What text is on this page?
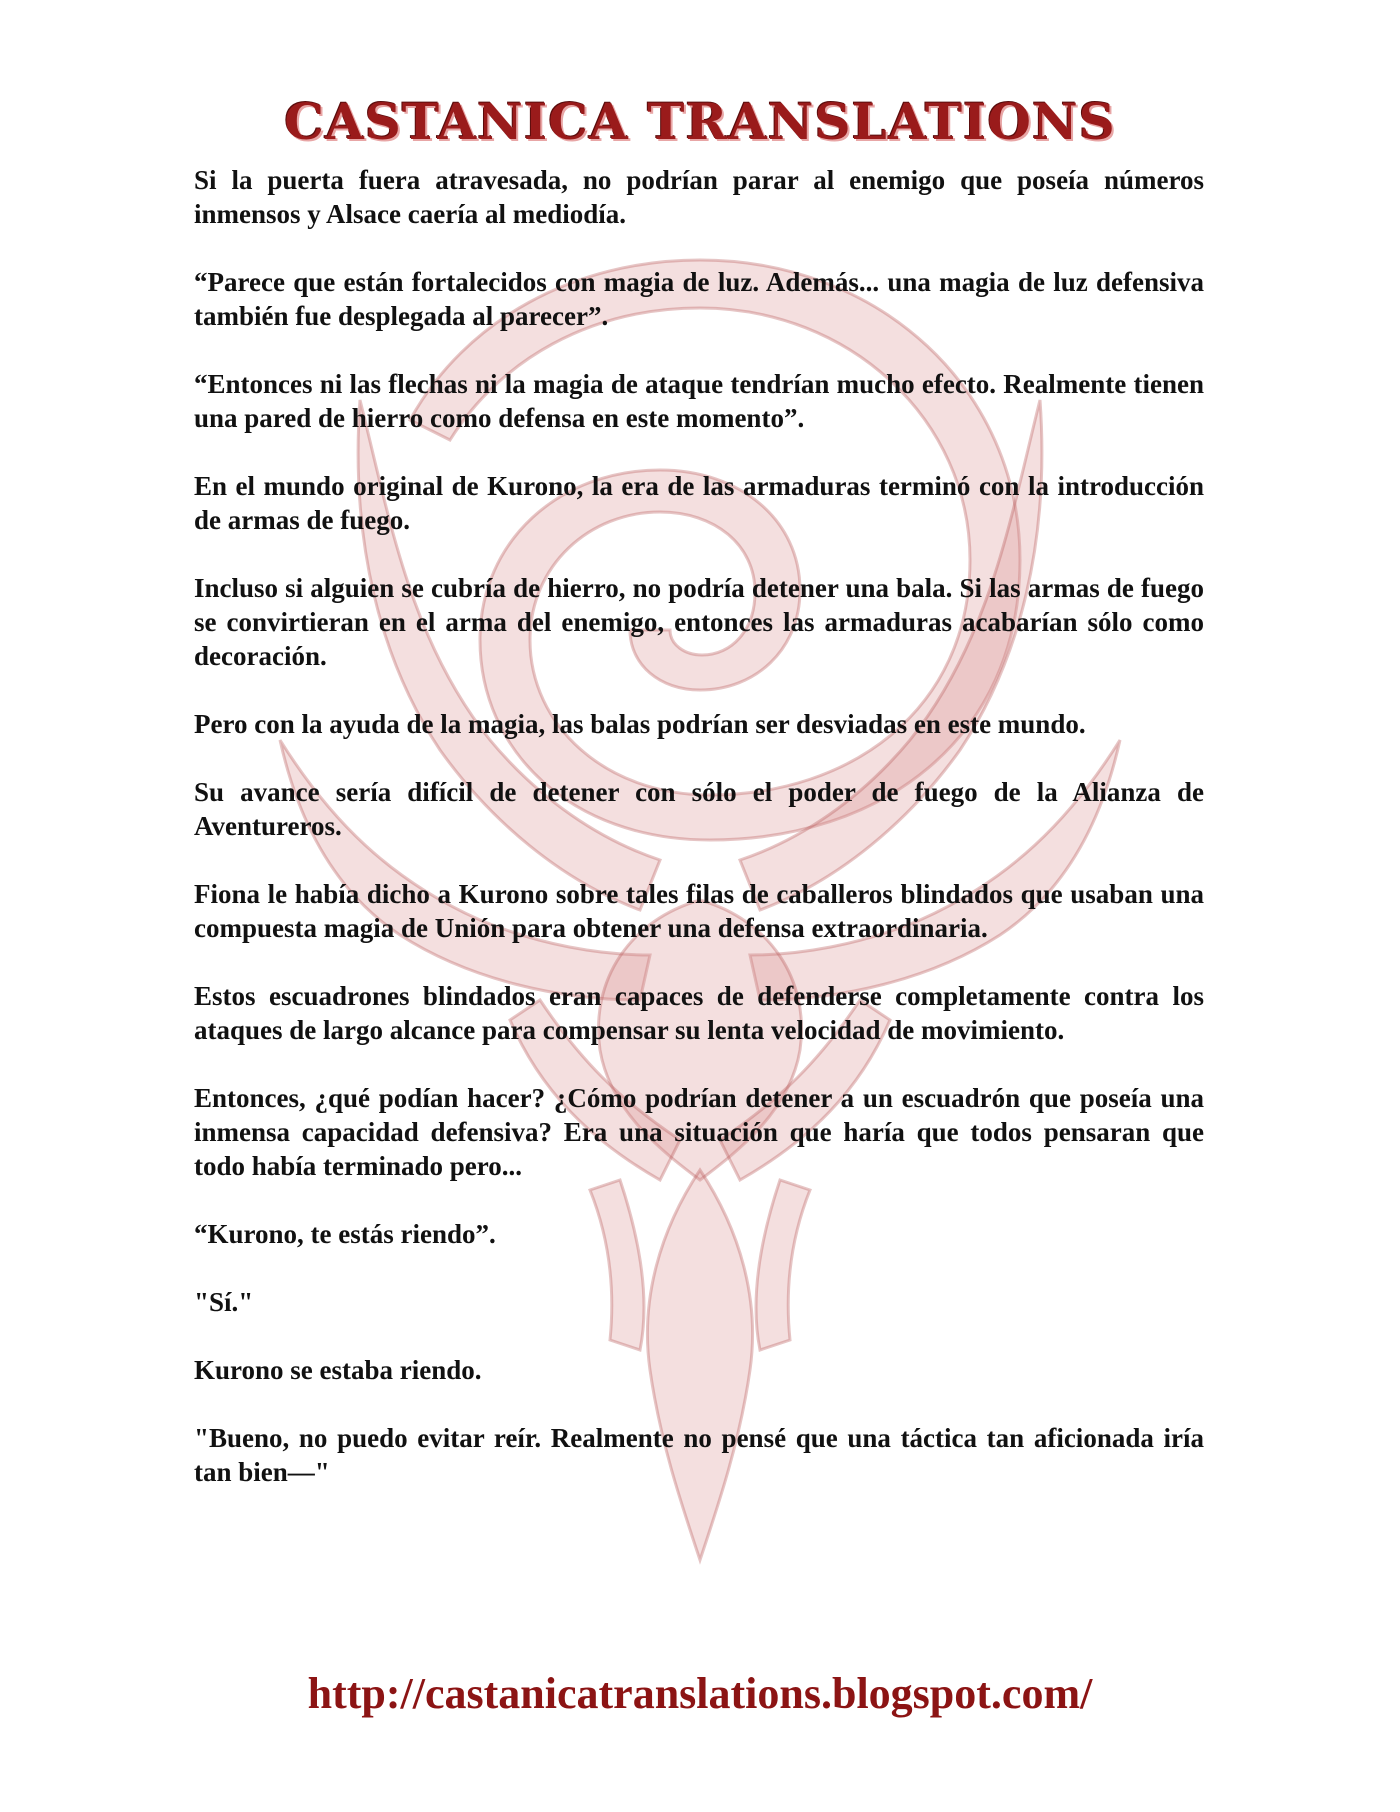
CASTANICA TRANSLATIONS

Si la puerta fuera atravesada, no podrían parar al enemigo que poseía números inmensos y Alsace caería al mediodía.

“Parece que están fortalecidos con magia de luz. Además... una magia de luz defensiva también fue desplegada al parecer”.

“Entonces ni las flechas ni la magia de ataque tendrían mucho efecto. Realmente tienen una pared de hierro como defensa en este momento”.

En el mundo original de Kurono, la era de las armaduras terminó con la introducción de armas de fuego.

Incluso si alguien se cubría de hierro, no podría detener una bala. Si las armas de fuego se convirtieran en el arma del enemigo, entonces las armaduras acabarían sólo como decoración.

Pero con la ayuda de la magia, las balas podrían ser desviadas en este mundo.

Su avance sería difícil de detener con sólo el poder de fuego de la Alianza de Aventureros.

Fiona le había dicho a Kurono sobre tales filas de caballeros blindados que usaban una compuesta magia de Unión para obtener una defensa extraordinaria.

Estos escuadrones blindados eran capaces de defenderse completamente contra los ataques de largo alcance para compensar su lenta velocidad de movimiento.

Entonces, ¿qué podían hacer? ¿Cómo podrían detener a un escuadrón que poseía una inmensa capacidad defensiva? Era una situación que haría que todos pensaran que todo había terminado pero...

“Kurono, te estás riendo”.

"Sí."

Kurono se estaba riendo.

"Bueno, no puedo evitar reír. Realmente no pensé que una táctica tan aficionada iría tan bien—"

http://castanicatranslations.blogspot.com/
